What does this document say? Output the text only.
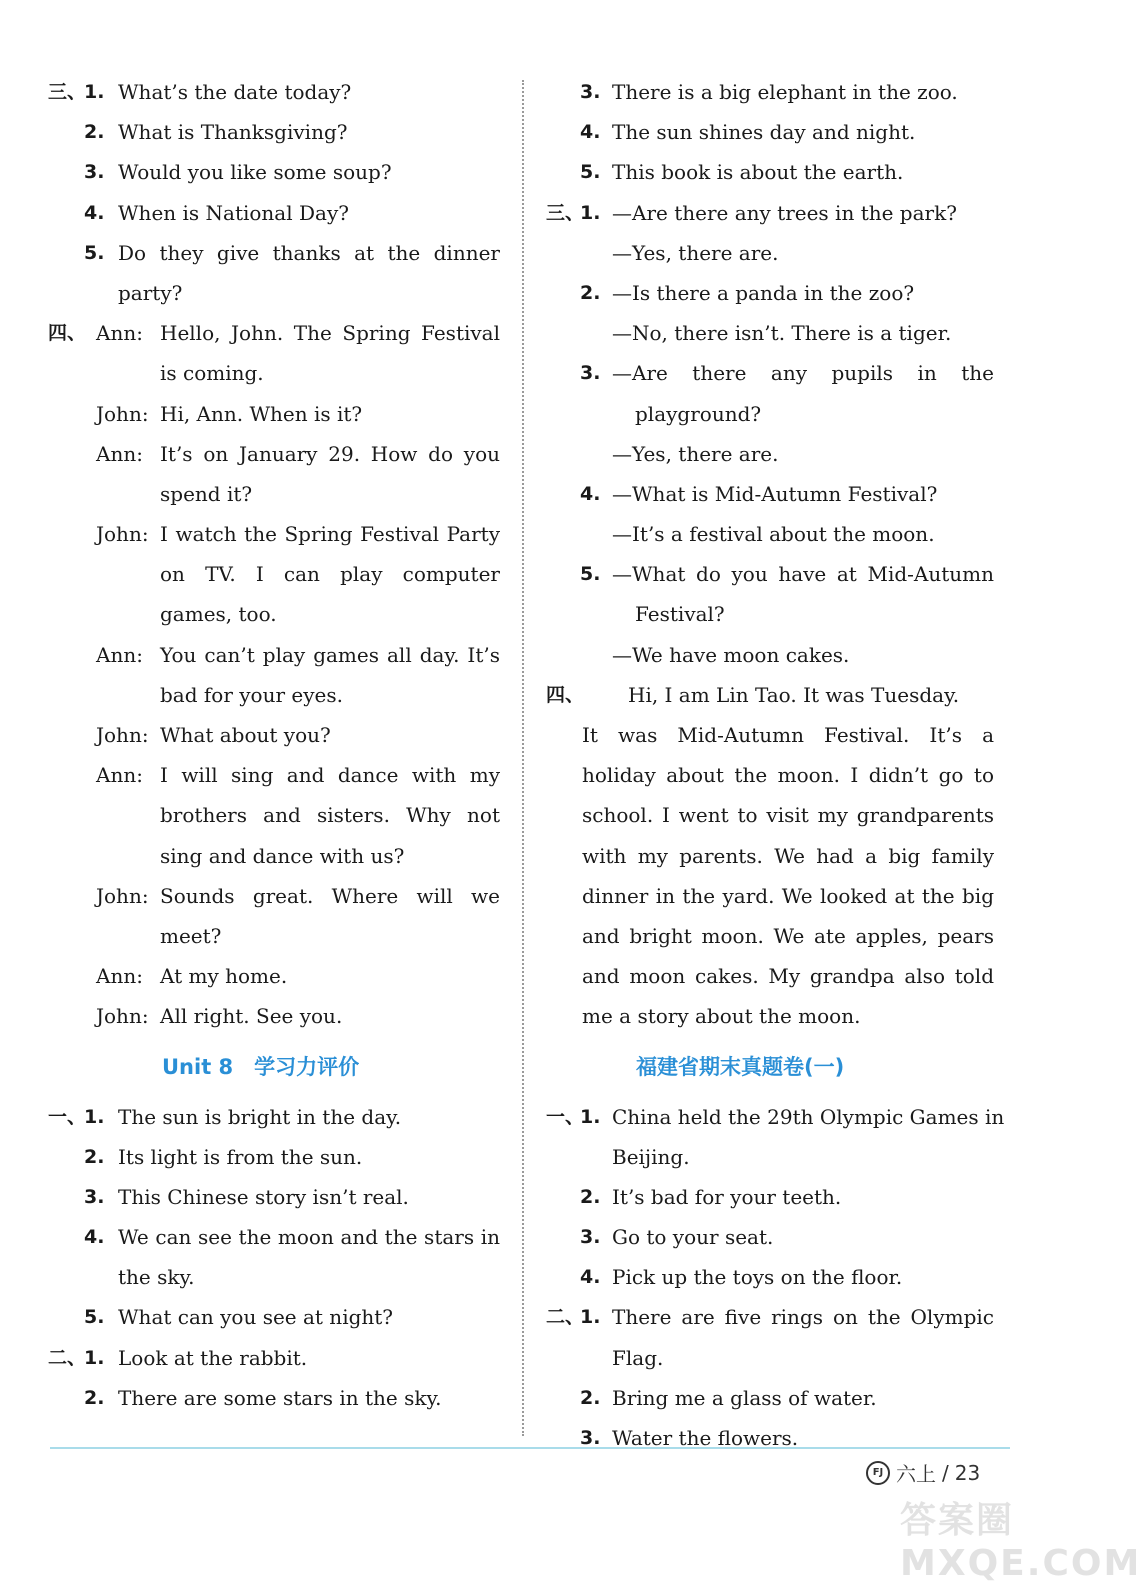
三、
1. What’s the date today?
2. What is Thanksgiving?
3. Would you like some soup?
4. When is National Day?
5. Do they give thanks at the dinner
party?
四、 Ann: Hello, John. The Spring Festival
is coming.
John: Hi, Ann. When is it?
Ann: It’s on January 29. How do you
spend it?
John: I watch the Spring Festival Party
on TV. I can play computer
games, too.
Ann: You can’t play games all day. It’s
bad for your eyes.
John: What about you?
Ann: I will sing and dance with my
brothers and sisters. Why not
sing and dance with us?
John: Sounds great. Where will we
meet?
Ann: At my home.
John: All right. See you.
Unit 8　学习力评价
一、
1. The sun is bright in the day.
2. Its light is from the sun.
3. This Chinese story isn’t real.
4. We can see the moon and the stars in
the sky.
5. What can you see at night?
二、
1. Look at the rabbit.
2. There are some stars in the sky.
3. There is a big elephant in the zoo.
4. The sun shines day and night.
5. This book is about the earth.
三、
1. —Are there any trees in the park?
—Yes, there are.
2. —Is there a panda in the zoo?
—No, there isn’t. There is a tiger.
3. —Are there any pupils in the
playground?
—Yes, there are.
4. —What is Mid-Autumn Festival?
—It’s a festival about the moon.
5. —What do you have at Mid-Autumn
Festival?
—We have moon cakes.
四、 Hi, I am Lin Tao. It was Tuesday.
It was Mid-Autumn Festival. It’s a
holiday about the moon. I didn’t go to
school. I went to visit my grandparents
with my parents. We had a big family
dinner in the yard. We looked at the big
and bright moon. We ate apples, pears
and moon cakes. My grandpa also told
me a story about the moon.
福建省期末真题卷(一)
一、
1. China held the 29th Olympic Games in
Beijing.
2. It’s bad for your teeth.
3. Go to your seat.
4. Pick up the toys on the floor.
二、
1. There are five rings on the Olympic
Flag.
2. Bring me a glass of water.
3. Water the flowers.
FJ 六上 / 23
答案圈 MXQE.COM
